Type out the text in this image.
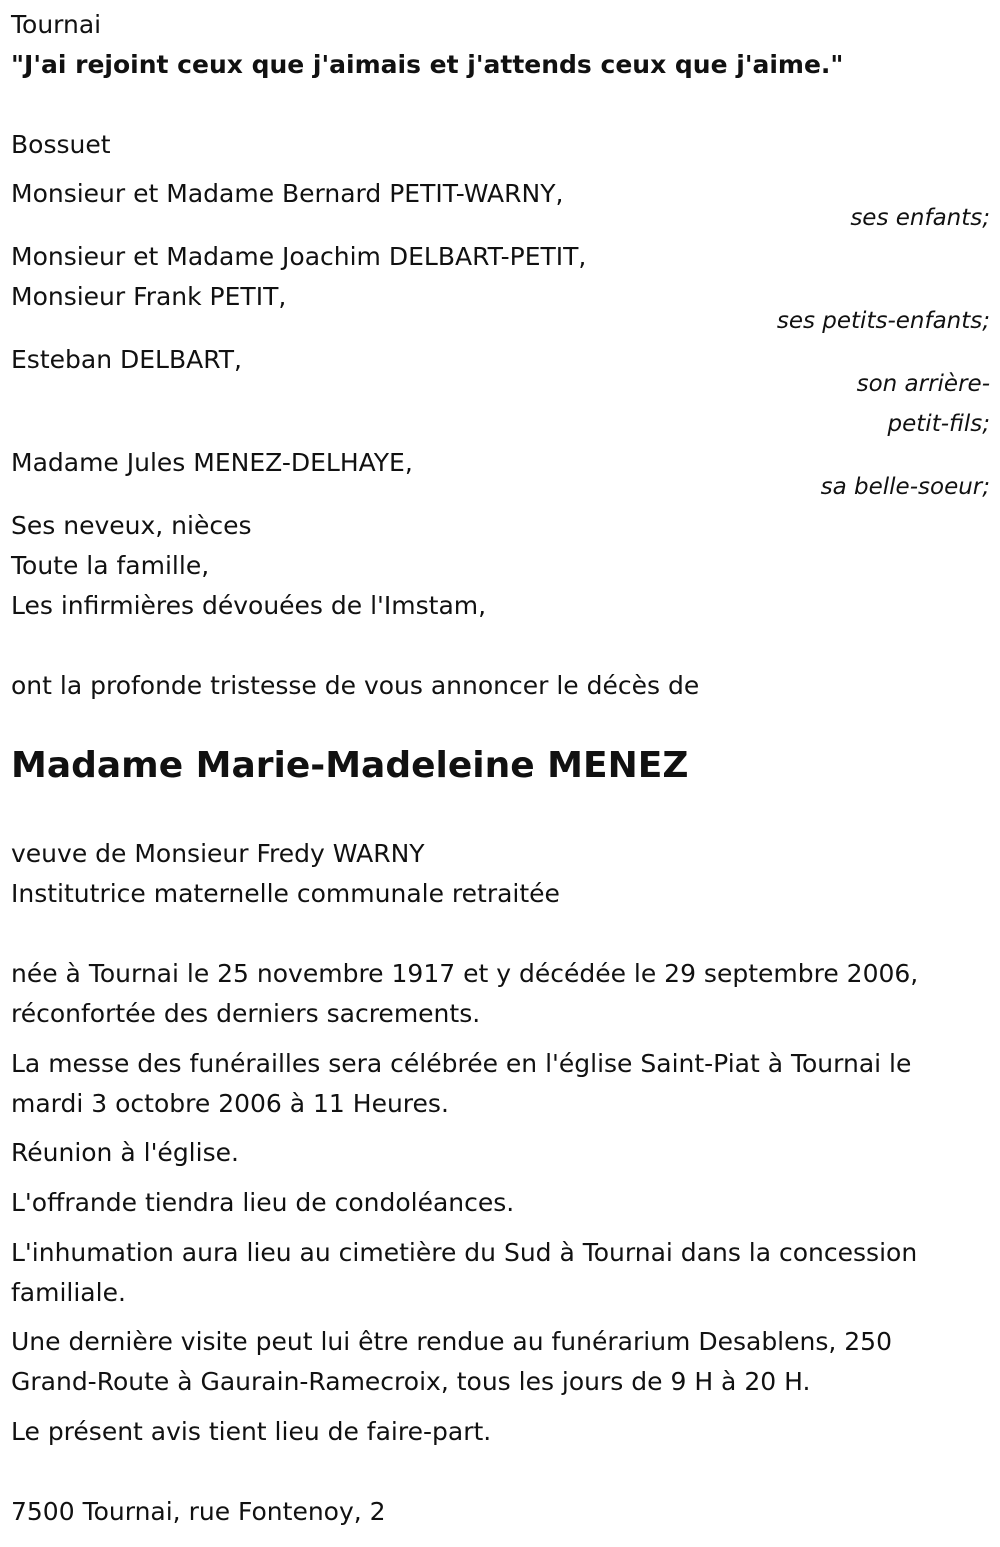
Tournai
"J'ai rejoint ceux que j'aimais et j'attends ceux que j'aime."
Bossuet
Monsieur et Madame Bernard PETIT-WARNY,
ses enfants;
Monsieur et Madame Joachim DELBART-PETIT,
Monsieur Frank PETIT,
ses petits-enfants;
Esteban DELBART,
son arrière-
petit-fils;
Madame Jules MENEZ-DELHAYE,
sa belle-soeur;
Ses neveux, nièces
Toute la famille,
Les infirmières dévouées de l'Imstam,
ont la profonde tristesse de vous annoncer le décès de
Madame Marie-Madeleine MENEZ
veuve de Monsieur Fredy WARNY
Institutrice maternelle communale retraitée
née à Tournai le 25 novembre 1917 et y décédée le 29 septembre 2006,
réconfortée des derniers sacrements.
La messe des funérailles sera célébrée en l'église Saint-Piat à Tournai le
mardi 3 octobre 2006 à 11 Heures.
Réunion à l'église.
L'offrande tiendra lieu de condoléances.
L'inhumation aura lieu au cimetière du Sud à Tournai dans la concession
familiale.
Une dernière visite peut lui être rendue au funérarium Desablens, 250
Grand-Route à Gaurain-Ramecroix, tous les jours de 9 H à 20 H.
Le présent avis tient lieu de faire-part.
7500 Tournai, rue Fontenoy, 2
